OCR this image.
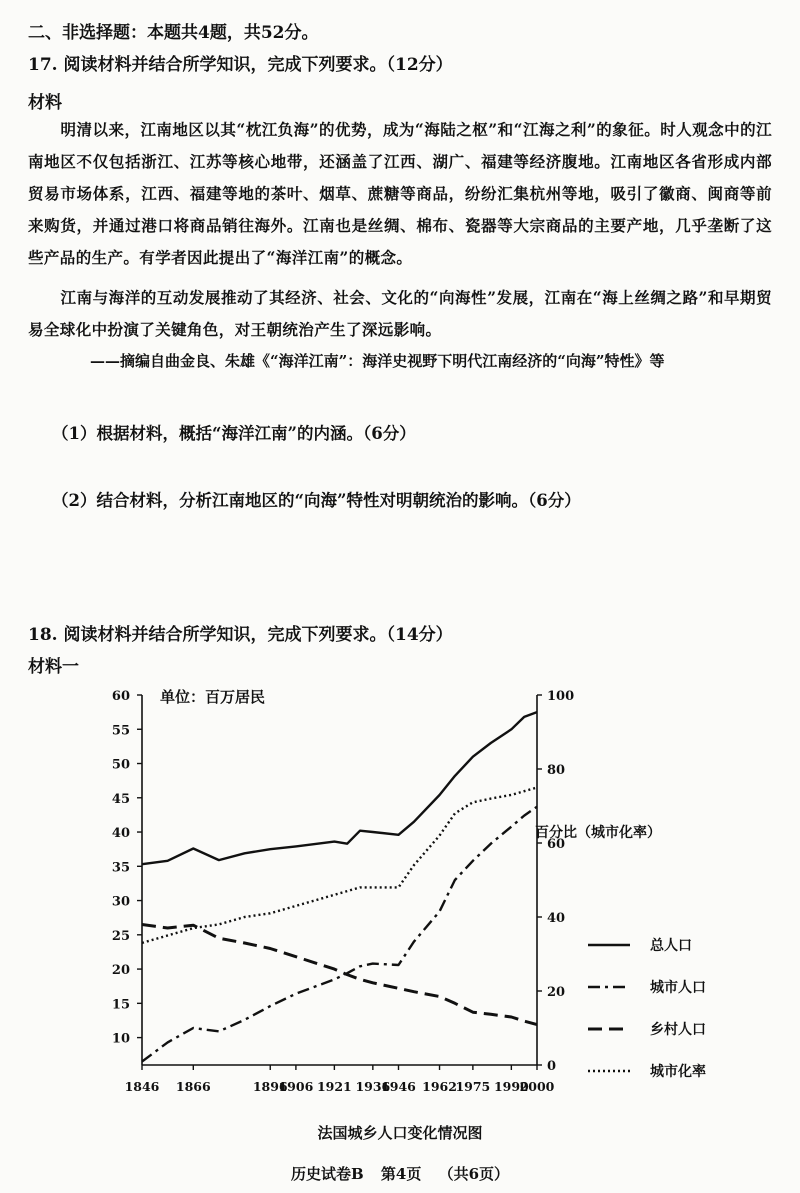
二、非选择题：本题共4题，共52分。
17. 阅读材料并结合所学知识，完成下列要求。（12分）
材料
明清以来，江南地区以其“枕江负海”的优势，成为“海陆之枢”和“江海之利”的象征。时人观念中的江南地区不仅包括浙江、江苏等核心地带，还涵盖了江西、湖广、福建等经济腹地。江南地区各省形成内部贸易市场体系，江西、福建等地的茶叶、烟草、蔗糖等商品，纷纷汇集杭州等地，吸引了徽商、闽商等前来购货，并通过港口将商品销往海外。江南也是丝绸、棉布、瓷器等大宗商品的主要产地，几乎垄断了这些产品的生产。有学者因此提出了“海洋江南”的概念。
江南与海洋的互动发展推动了其经济、社会、文化的“向海性”发展，江南在“海上丝绸之路”和早期贸易全球化中扮演了关键角色，对王朝统治产生了深远影响。
——摘编自曲金良、朱雄《“海洋江南”：海洋史视野下明代江南经济的“向海”特性》等
（1）根据材料，概括“海洋江南”的内涵。（6分）
（2）结合材料，分析江南地区的“向海”特性对明朝统治的影响。（6分）
18. 阅读材料并结合所学知识，完成下列要求。（14分）
材料一
10
15
20
25
30
35
40
45
50
55
60
0
20
40
60
80
100
1846 1866	1896
1906 1921 1936
1946 1962
1975 1990
2000
总人口
城市人口
乡村人口
城市化率
单位：百万居民
百分比（城市化率）
法国城乡人口变化情况图
历史试卷B 第4页 （共6页）
